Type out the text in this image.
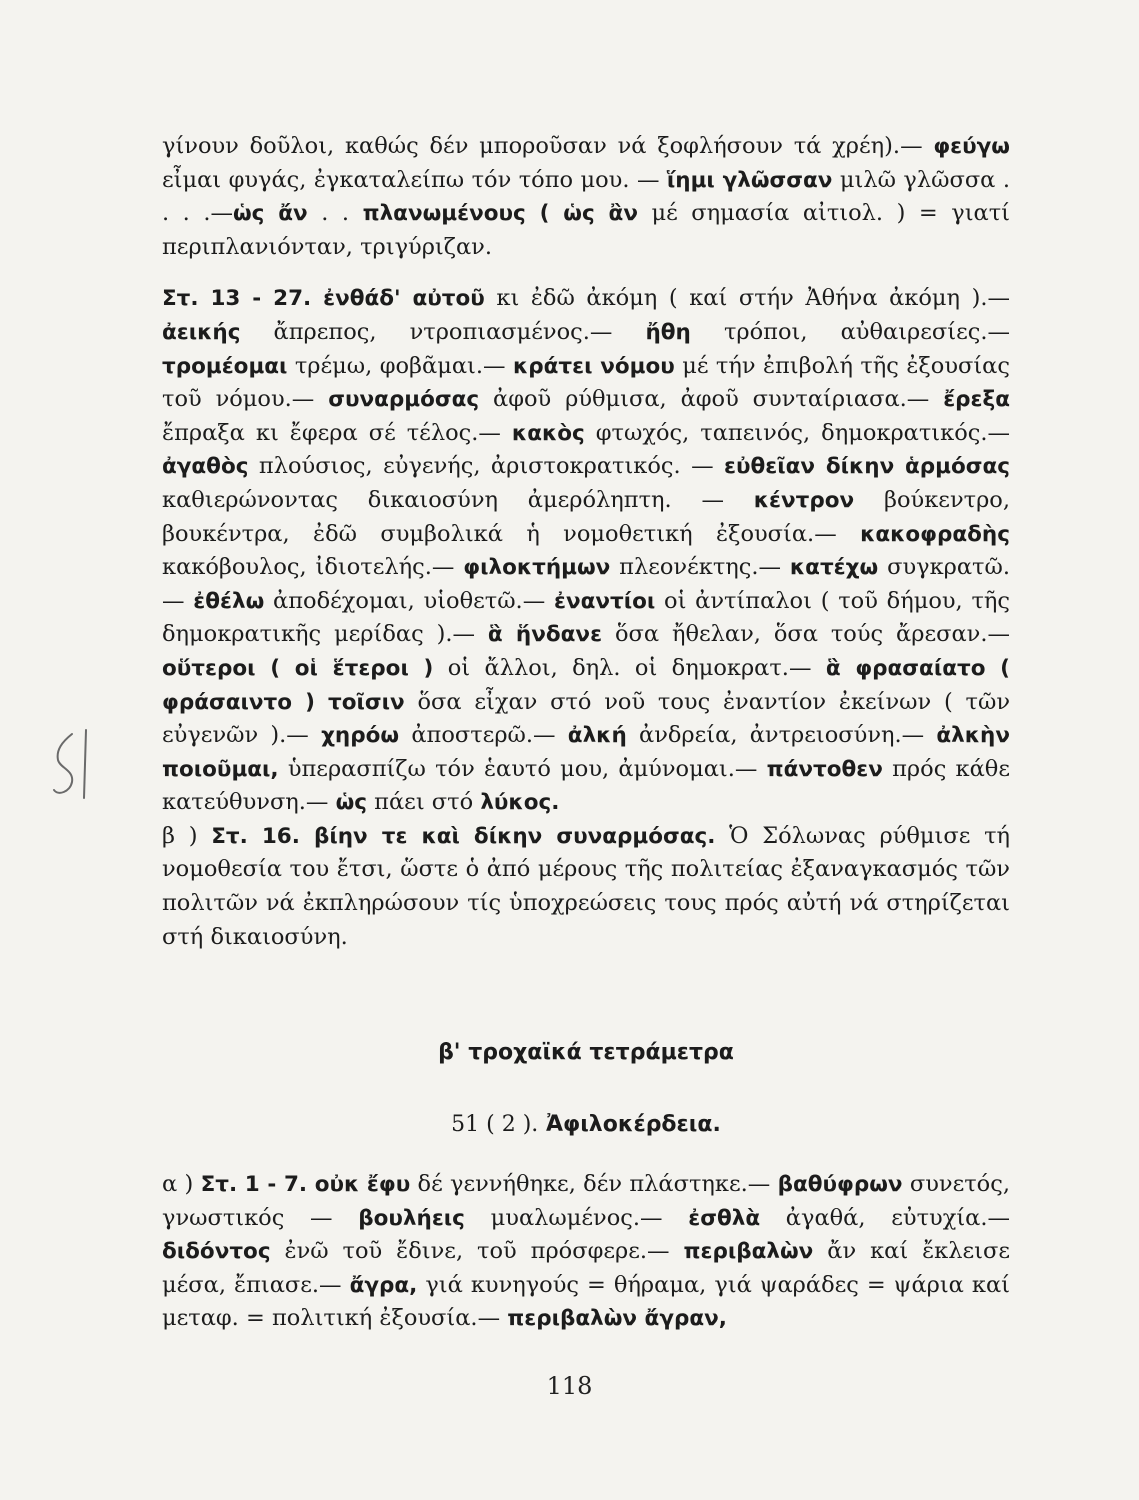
γίνουν δοῦλοι, καθώς δέν μποροῦσαν νά ξοφλήσουν τά χρέη).— φεύγω εἶμαι φυγάς, ἐγκαταλείπω τόν τόπο μου. — ἵημι γλῶσσαν μιλῶ γλῶσσα . . . .—ὡς ἄν . . πλανωμένους ( ὡς ἂν μέ σημασία αἰτιολ. ) = γιατί περιπλανιόνταν, τριγύριζαν.

Στ. 13 - 27. ἐνθάδ' αὐτοῦ κι ἐδῶ ἀκόμη ( καί στήν Ἀθήνα ἀκόμη ).— ἀεικής ἄπρεπος, ντροπιασμένος.— ἤθη τρόποι, αὐθαιρεσίες.— τρομέομαι τρέμω, φοβᾶμαι.— κράτει νόμου μέ τήν ἐπιβολή τῆς ἐξουσίας τοῦ νόμου.— συναρμόσας ἀφοῦ ρύθμισα, ἀφοῦ συνταίριασα.— ἔρεξα ἔπραξα κι ἔφερα σέ τέλος.— κακὸς φτωχός, ταπεινός, δημοκρατικός.— ἀγαθὸς πλούσιος, εὐγενής, ἀριστοκρατικός. — εὐθεῖαν δίκην ἁρμόσας καθιερώνοντας δικαιοσύνη ἀμερόληπτη. — κέντρον βούκεντρο, βουκέντρα, ἐδῶ συμβολικά ἡ νομοθετική ἐξουσία.— κακοφραδὴς κακόβουλος, ἰδιοτελής.— φιλοκτήμων πλεονέκτης.— κατέχω συγκρατῶ.— ἐθέλω ἀποδέχομαι, υἱοθετῶ.— ἐναντίοι οἱ ἀντίπαλοι ( τοῦ δήμου, τῆς δημοκρατικῆς μερίδας ).— ἃ ἥνδανε ὅσα ἤθελαν, ὅσα τούς ἄρεσαν.— οὕτεροι ( οἱ ἕτεροι ) οἱ ἄλλοι, δηλ. οἱ δημοκρατ.— ἃ φρασαίατο ( φράσαιντο ) τοῖσιν ὅσα εἶχαν στό νοῦ τους ἐναντίον ἐκείνων ( τῶν εὐγενῶν ).— χηρόω ἀποστερῶ.— ἀλκή ἀνδρεία, ἀντρειοσύνη.— ἀλκὴν ποιοῦμαι, ὑπερασπίζω τόν ἑαυτό μου, ἀμύνομαι.— πάντοθεν πρός κάθε κατεύθυνση.— ὡς πάει στό λύκος.

β ) Στ. 16. βίην τε καὶ δίκην συναρμόσας. Ὁ Σόλωνας ρύθμισε τή νομοθεσία του ἔτσι, ὥστε ὁ ἀπό μέρους τῆς πολιτείας ἐξαναγκασμός τῶν πολιτῶν νά ἐκπληρώσουν τίς ὑποχρεώσεις τους πρός αὐτή νά στηρίζεται στή δικαιοσύνη.

β' τροχαϊκά τετράμετρα
51 ( 2 ). Ἀφιλοκέρδεια.

α ) Στ. 1 - 7. οὐκ ἔφυ δέ γεννήθηκε, δέν πλάστηκε.— βαθύφρων συνετός, γνωστικός — βουλήεις μυαλωμένος.— ἐσθλὰ ἀγαθά, εὐτυχία.— διδόντος ἐνῶ τοῦ ἔδινε, τοῦ πρόσφερε.— περιβαλὼν ἄν καί ἔκλεισε μέσα, ἔπιασε.— ἄγρα, γιά κυνηγούς = θήραμα, γιά ψαράδες = ψάρια καί μεταφ. = πολιτική ἐξουσία.— περιβαλὼν ἄγραν,

118
